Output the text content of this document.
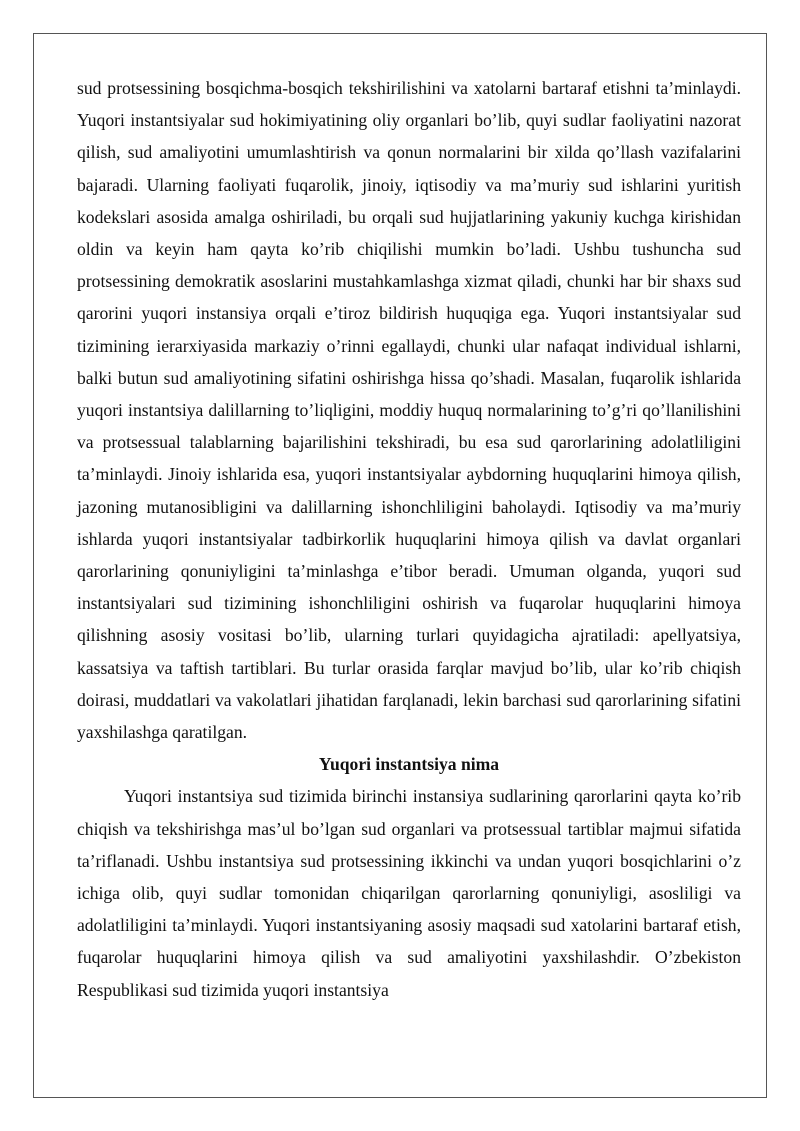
sud protsessining bosqichma-bosqich tekshirilishini va xatolarni bartaraf etishni ta’minlaydi. Yuqori instantsiyalar sud hokimiyatining oliy organlari bo’lib, quyi sudlar faoliyatini nazorat qilish, sud amaliyotini umumlashtirish va qonun normalarini bir xilda qo’llash vazifalarini bajaradi. Ularning faoliyati fuqarolik, jinoiy, iqtisodiy va ma’muriy sud ishlarini yuritish kodekslari asosida amalga oshiriladi, bu orqali sud hujjatlarining yakuniy kuchga kirishidan oldin va keyin ham qayta ko’rib chiqilishi mumkin bo’ladi. Ushbu tushuncha sud protsessining demokratik asoslarini mustahkamlashga xizmat qiladi, chunki har bir shaxs sud qarorini yuqori instansiya orqali e’tiroz bildirish huquqiga ega. Yuqori instantsiyalar sud tizimining ierarxiyasida markaziy o’rinni egallaydi, chunki ular nafaqat individual ishlarni, balki butun sud amaliyotining sifatini oshirishga hissa qo’shadi. Masalan, fuqarolik ishlarida yuqori instantsiya dalillarning to’liqligini, moddiy huquq normalarining to’g’ri qo’llanilishini va protsessual talablarning bajarilishini tekshiradi, bu esa sud qarorlarining adolatliligini ta’minlaydi. Jinoiy ishlarida esa, yuqori instantsiyalar aybdorning huquqlarini himoya qilish, jazoning mutanosibligini va dalillarning ishonchliligini baholaydi. Iqtisodiy va ma’muriy ishlarda yuqori instantsiyalar tadbirkorlik huquqlarini himoya qilish va davlat organlari qarorlarining qonuniyligini ta’minlashga e’tibor beradi. Umuman olganda, yuqori sud instantsiyalari sud tizimining ishonchliligini oshirish va fuqarolar huquqlarini himoya qilishning asosiy vositasi bo’lib, ularning turlari quyidagicha ajratiladi: apellyatsiya, kassatsiya va taftish tartiblari. Bu turlar orasida farqlar mavjud bo’lib, ular ko’rib chiqish doirasi, muddatlari va vakolatlari jihatidan farqlanadi, lekin barchasi sud qarorlarining sifatini yaxshilashga qaratilgan.

Yuqori instantsiya nima

Yuqori instantsiya sud tizimida birinchi instansiya sudlarining qarorlarini qayta ko’rib chiqish va tekshirishga mas’ul bo’lgan sud organlari va protsessual tartiblar majmui sifatida ta’riflanadi. Ushbu instantsiya sud protsessining ikkinchi va undan yuqori bosqichlarini o’z ichiga olib, quyi sudlar tomonidan chiqarilgan qarorlarning qonuniyligi, asosliligi va adolatliligini ta’minlaydi. Yuqori instantsiyaning asosiy maqsadi sud xatolarini bartaraf etish, fuqarolar huquqlarini himoya qilish va sud amaliyotini yaxshilashdir. O’zbekiston Respublikasi sud tizimida yuqori instantsiya
